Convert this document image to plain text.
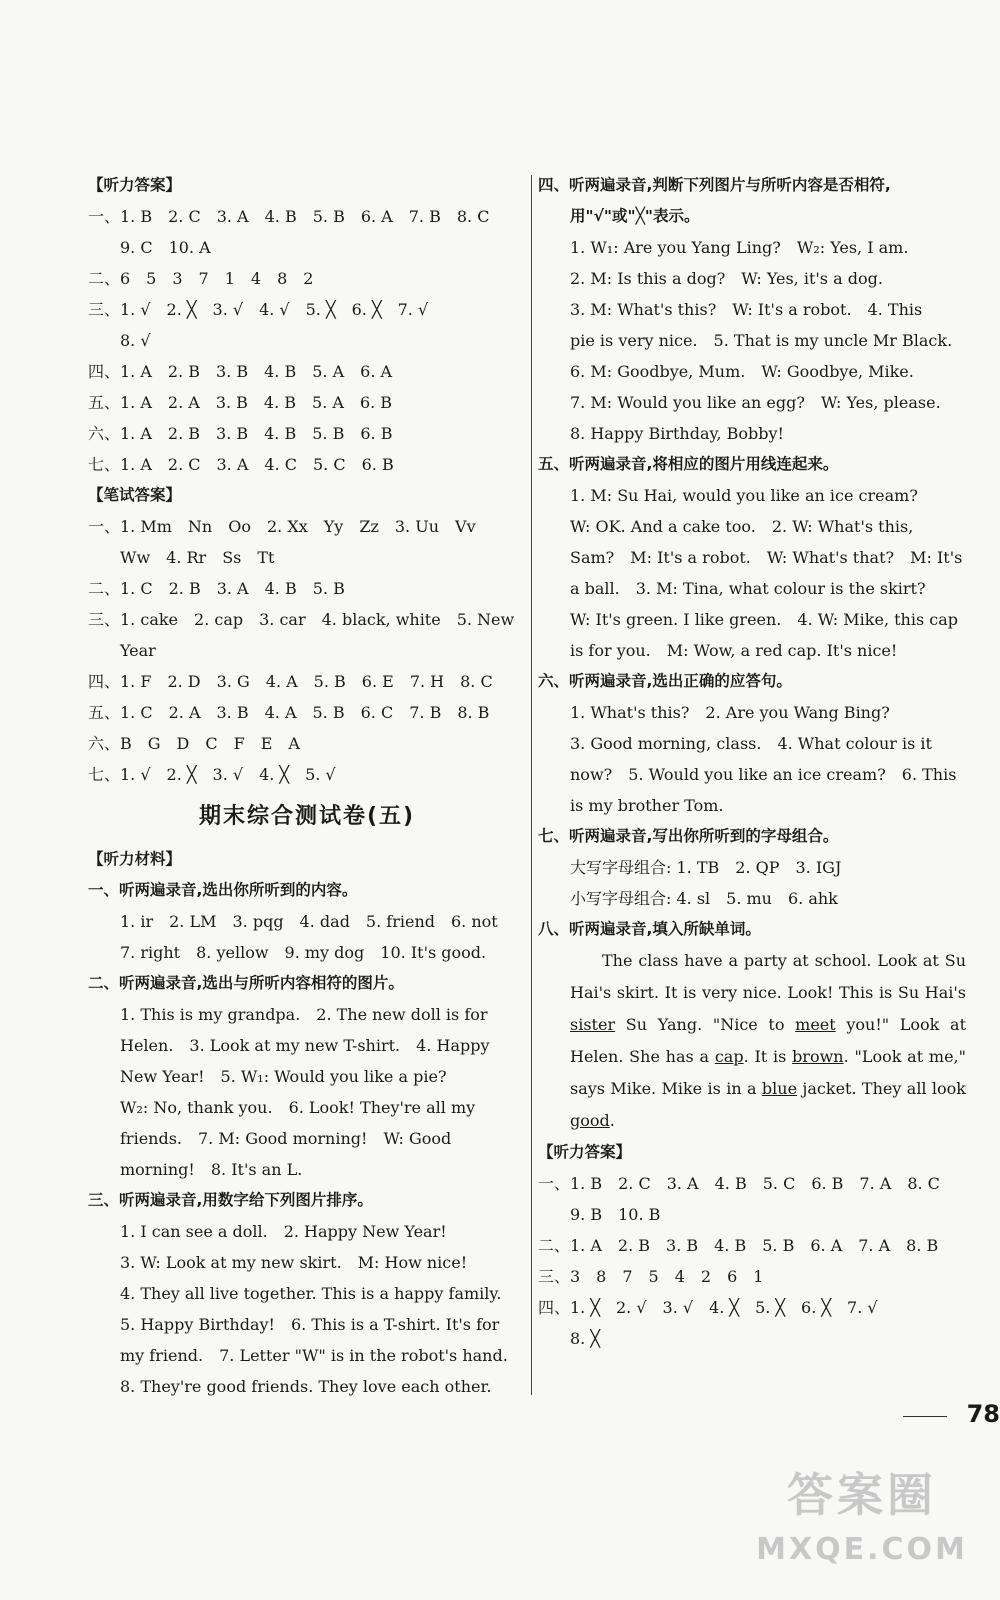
【听力答案】
一、1. B　2. C　3. A　4. B　5. B　6. A　7. B　8. C
9. C　10. A
二、6　5　3　7　1　4　8　2
三、1. √　2. ╳　3. √　4. √　5. ╳　6. ╳　7. √
8. √
四、1. A　2. B　3. B　4. B　5. A　6. A
五、1. A　2. A　3. B　4. B　5. A　6. B
六、1. A　2. B　3. B　4. B　5. B　6. B
七、1. A　2. C　3. A　4. C　5. C　6. B
【笔试答案】
一、1. Mm　Nn　Oo　2. Xx　Yy　Zz　3. Uu　Vv
Ww　4. Rr　Ss　Tt
二、1. C　2. B　3. A　4. B　5. B
三、1. cake　2. cap　3. car　4. black, white　5. New
Year
四、1. F　2. D　3. G　4. A　5. B　6. E　7. H　8. C
五、1. C　2. A　3. B　4. A　5. B　6. C　7. B　8. B
六、B　G　D　C　F　E　A
七、1. √　2. ╳　3. √　4. ╳　5. √
期末综合测试卷(五)
【听力材料】
一、听两遍录音,选出你所听到的内容。
1. ir　2. LM　3. pqg　4. dad　5. friend　6. not
7. right　8. yellow　9. my dog　10. It's good.
二、听两遍录音,选出与所听内容相符的图片。
1. This is my grandpa.　2. The new doll is for
Helen.　3. Look at my new T-shirt.　4. Happy
New Year!　5. W₁: Would you like a pie?
W₂: No, thank you.　6. Look! They're all my
friends.　7. M: Good morning!　W: Good
morning!　8. It's an L.
三、听两遍录音,用数字给下列图片排序。
1. I can see a doll.　2. Happy New Year!
3. W: Look at my new skirt.　M: How nice!
4. They all live together. This is a happy family.
5. Happy Birthday!　6. This is a T-shirt. It's for
my friend.　7. Letter "W" is in the robot's hand.
8. They're good friends. They love each other.
四、听两遍录音,判断下列图片与所听内容是否相符,
用"√"或"╳"表示。
1. W₁: Are you Yang Ling?　W₂: Yes, I am.
2. M: Is this a dog?　W: Yes, it's a dog.
3. M: What's this?　W: It's a robot.　4. This
pie is very nice.　5. That is my uncle Mr Black.
6. M: Goodbye, Mum.　W: Goodbye, Mike.
7. M: Would you like an egg?　W: Yes, please.
8. Happy Birthday, Bobby!
五、听两遍录音,将相应的图片用线连起来。
1. M: Su Hai, would you like an ice cream?
W: OK. And a cake too.　2. W: What's this,
Sam?　M: It's a robot.　W: What's that?　M: It's
a ball.　3. M: Tina, what colour is the skirt?
W: It's green. I like green.　4. W: Mike, this cap
is for you.　M: Wow, a red cap. It's nice!
六、听两遍录音,选出正确的应答句。
1. What's this?　2. Are you Wang Bing?
3. Good morning, class.　4. What colour is it
now?　5. Would you like an ice cream?　6. This
is my brother Tom.
七、听两遍录音,写出你所听到的字母组合。
大写字母组合: 1. TB　2. QP　3. IGJ
小写字母组合: 4. sl　5. mu　6. ahk
八、听两遍录音,填入所缺单词。
The class have a party at school. Look at Su Hai's skirt. It is very nice. Look! This is Su Hai's sister Su Yang. "Nice to meet you!" Look at Helen. She has a cap. It is brown. "Look at me," says Mike. Mike is in a blue jacket. They all look good.
【听力答案】
一、1. B　2. C　3. A　4. B　5. C　6. B　7. A　8. C
9. B　10. B
二、1. A　2. B　3. B　4. B　5. B　6. A　7. A　8. B
三、3　8　7　5　4　2　6　1
四、1. ╳　2. √　3. √　4. ╳　5. ╳　6. ╳　7. √
8. ╳
78
答案圈
MXQE.COM
